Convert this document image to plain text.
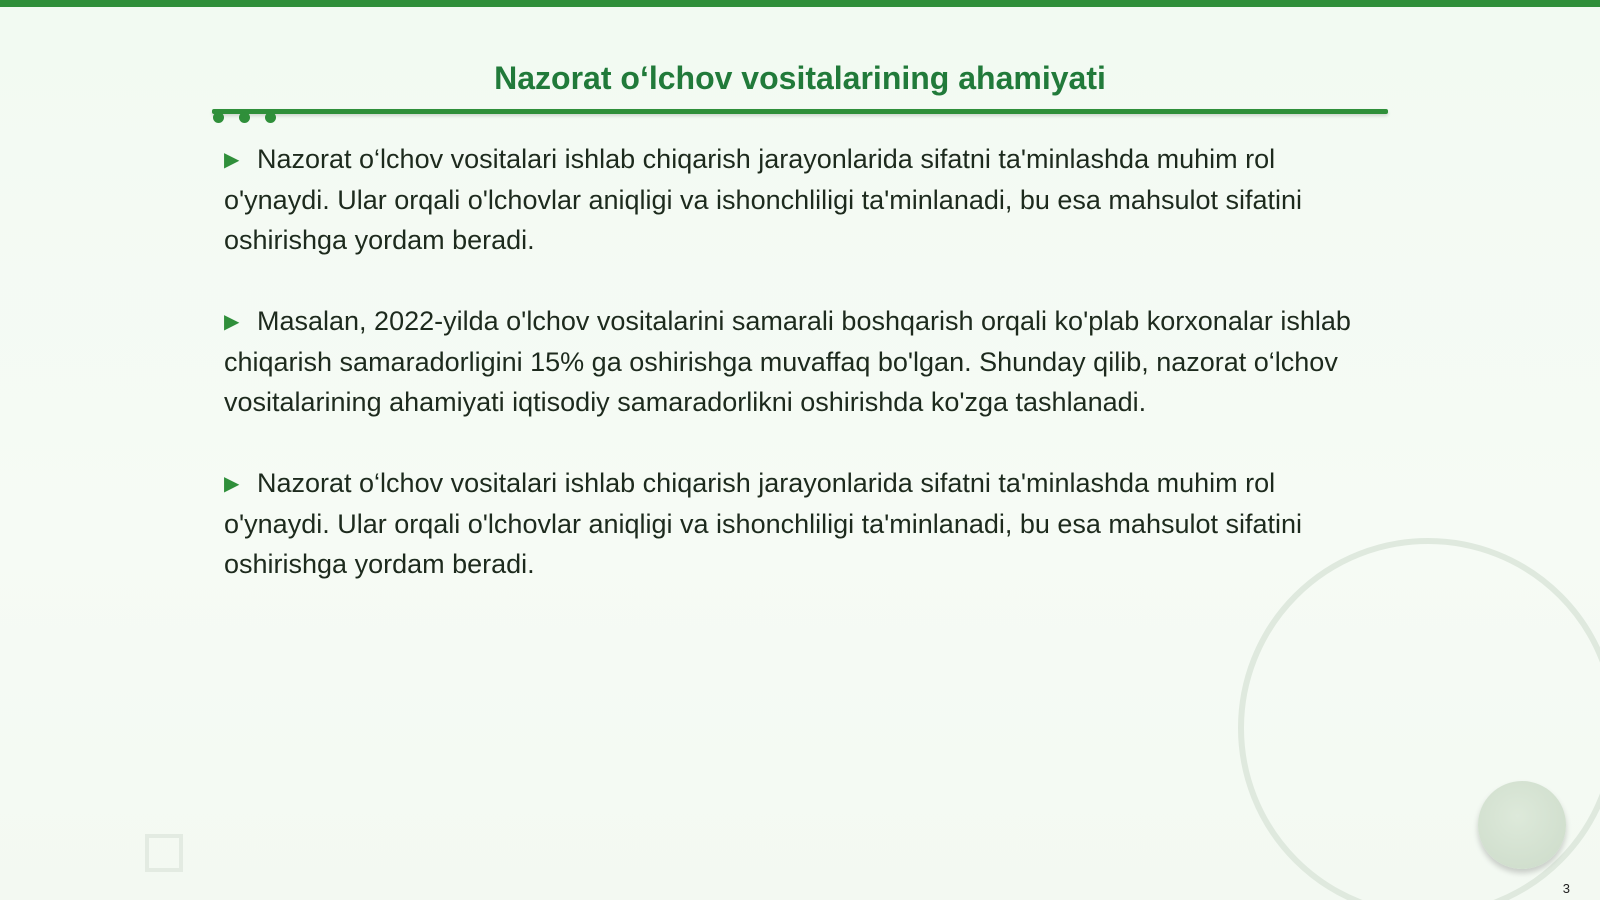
Nazorat o‘lchov vositalarining ahamiyati

▶ Nazorat o‘lchov vositalari ishlab chiqarish jarayonlarida sifatni ta'minlashda muhim rol o'ynaydi. Ular orqali o'lchovlar aniqligi va ishonchliligi ta'minlanadi, bu esa mahsulot sifatini oshirishga yordam beradi.

▶ Masalan, 2022-yilda o'lchov vositalarini samarali boshqarish orqali ko'plab korxonalar ishlab chiqarish samaradorligini 15% ga oshirishga muvaffaq bo'lgan. Shunday qilib, nazorat o‘lchov vositalarining ahamiyati iqtisodiy samaradorlikni oshirishda ko'zga tashlanadi.

▶ Nazorat o‘lchov vositalari ishlab chiqarish jarayonlarida sifatni ta'minlashda muhim rol o'ynaydi. Ular orqali o'lchovlar aniqligi va ishonchliligi ta'minlanadi, bu esa mahsulot sifatini oshirishga yordam beradi.

3
